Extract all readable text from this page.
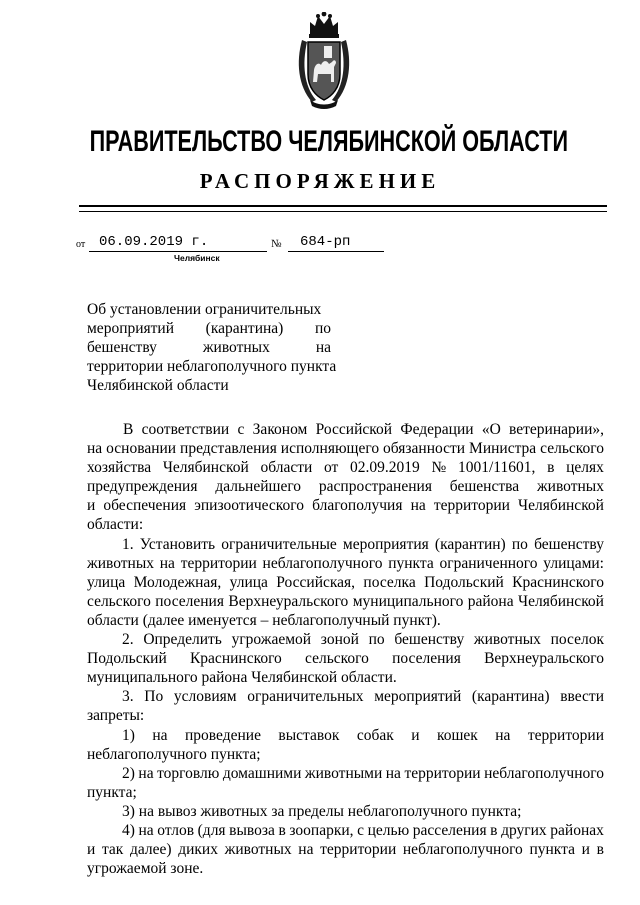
ПРАВИТЕЛЬСТВО ЧЕЛЯБИНСКОЙ ОБЛАСТИ
РАСПОРЯЖЕНИЕ
от 06.09.2019 г.	№	684-рп
Челябинск
Об установлении ограничительных
мероприятий (карантина) по
бешенству	животных	на
территории неблагополучного пункта
Челябинской области
В соответствии с Законом Российской Федерации «О ветеринарии»,
на основании представления исполняющего обязанности Министра сельского
хозяйства Челябинской области от 02.09.2019 № 1001/11601, в целях
предупреждения дальнейшего распространения бешенства животных
и обеспечения эпизоотического благополучия на территории Челябинской
области:
1. Установить ограничительные мероприятия (карантин) по бешенству
животных на территории неблагополучного пункта ограниченного улицами:
улица Молодежная, улица Российская, поселка Подольский Краснинского
сельского поселения Верхнеуральского муниципального района Челябинской
области (далее именуется – неблагополучный пункт).
2. Определить угрожаемой зоной по бешенству животных поселок
Подольский Краснинского сельского поселения Верхнеуральского
муниципального района Челябинской области.
3. По условиям ограничительных мероприятий (карантина) ввести
запреты:
1) на проведение выставок собак и кошек на территории
неблагополучного пункта;
2) на торговлю домашними животными на территории неблагополучного
пункта;
3) на вывоз животных за пределы неблагополучного пункта;
4) на отлов (для вывоза в зоопарки, с целью расселения в других районах
и так далее) диких животных на территории неблагополучного пункта и в
угрожаемой зоне.
